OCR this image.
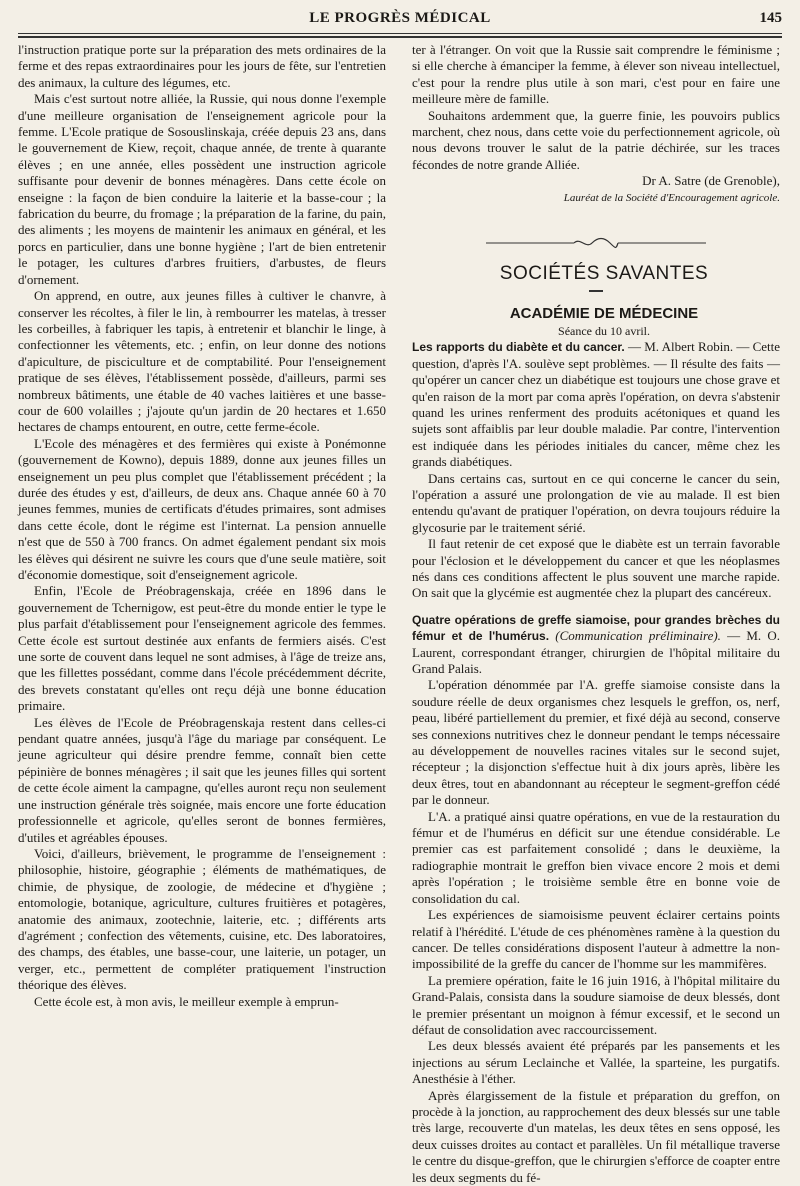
LE PROGRÈS MÉDICAL	145

l'instruction pratique porte sur la préparation des mets ordinaires de la ferme et des repas extraordinaires pour les jours de fête, sur l'entretien des animaux, la culture des légumes, etc.

Mais c'est surtout notre alliée, la Russie, qui nous donne l'exemple d'une meilleure organisation de l'enseignement agricole pour la femme. L'Ecole pratique de Sosouslinskaja, créée depuis 23 ans, dans le gouvernement de Kiew, reçoit, chaque année, de trente à quarante élèves ; en une année, elles possèdent une instruction agricole suffisante pour devenir de bonnes ménagères. Dans cette école on enseigne : la façon de bien conduire la laiterie et la basse-cour ; la fabrication du beurre, du fromage ; la préparation de la farine, du pain, des aliments ; les moyens de maintenir les animaux en général, et les porcs en particulier, dans une bonne hygiène ; l'art de bien entretenir le potager, les cultures d'arbres fruitiers, d'arbustes, de fleurs d'ornement.

On apprend, en outre, aux jeunes filles à cultiver le chanvre, à conserver les récoltes, à filer le lin, à rembourrer les matelas, à tresser les corbeilles, à fabriquer les tapis, à entretenir et blanchir le linge, à confectionner les vêtements, etc. ; enfin, on leur donne des notions d'apiculture, de pisciculture et de comptabilité. Pour l'enseignement pratique de ses élèves, l'établissement possède, d'ailleurs, parmi ses nombreux bâtiments, une étable de 40 vaches laitières et une basse-cour de 600 volailles ; j'ajoute qu'un jardin de 20 hectares et 1.650 hectares de champs entourent, en outre, cette ferme-école.

L'Ecole des ménagères et des fermières qui existe à Ponémonne (gouvernement de Kowno), depuis 1889, donne aux jeunes filles un enseignement un peu plus complet que l'établissement précédent ; la durée des études y est, d'ailleurs, de deux ans. Chaque année 60 à 70 jeunes femmes, munies de certificats d'études primaires, sont admises dans cette école, dont le régime est l'internat. La pension annuelle n'est que de 550 à 700 francs. On admet également pendant six mois les élèves qui désirent ne suivre les cours que d'une seule matière, soit d'économie domestique, soit d'enseignement agricole.

Enfin, l'Ecole de Préobragenskaja, créée en 1896 dans le gouvernement de Tchernigow, est peut-être du monde entier le type le plus parfait d'établissement pour l'enseignement agricole des femmes. Cette école est surtout destinée aux enfants de fermiers aisés. C'est une sorte de couvent dans lequel ne sont admises, à l'âge de treize ans, que les fillettes possédant, comme dans l'école précédemment décrite, des brevets constatant qu'elles ont reçu déjà une bonne éducation primaire.

Les élèves de l'Ecole de Préobragenskaja restent dans celles-ci pendant quatre années, jusqu'à l'âge du mariage par conséquent. Le jeune agriculteur qui désire prendre femme, connaît bien cette pépinière de bonnes ménagères ; il sait que les jeunes filles qui sortent de cette école aiment la campagne, qu'elles auront reçu non seulement une instruction générale très soignée, mais encore une forte éducation professionnelle et agricole, qu'elles seront de bonnes fermières, d'utiles et agréables épouses.

Voici, d'ailleurs, brièvement, le programme de l'enseignement : philosophie, histoire, géographie ; éléments de mathématiques, de chimie, de physique, de zoologie, de médecine et d'hygiène ; entomologie, botanique, agriculture, cultures fruitières et potagères, anatomie des animaux, zootechnie, laiterie, etc. ; différents arts d'agrément ; confection des vêtements, cuisine, etc. Des laboratoires, des champs, des étables, une basse-cour, une laiterie, un potager, un verger, etc., permettent de compléter pratiquement l'instruction théorique des élèves.

Cette école est, à mon avis, le meilleur exemple à emprun-

ter à l'étranger. On voit que la Russie sait comprendre le féminisme ; si elle cherche à émanciper la femme, à élever son niveau intellectuel, c'est pour la rendre plus utile à son mari, c'est pour en faire une meilleure mère de famille.

Souhaitons ardemment que, la guerre finie, les pouvoirs publics marchent, chez nous, dans cette voie du perfectionnement agricole, où nous devons trouver le salut de la patrie déchirée, sur les traces fécondes de notre grande Alliée.

Dr A. Satre (de Grenoble),

Lauréat de la Société d'Encouragement agricole.

SOCIÉTÉS SAVANTES

ACADÉMIE DE MÉDECINE

Séance du 10 avril.

Les rapports du diabète et du cancer. — M. Albert Robin. — Cette question, d'après l'A. soulève sept problèmes. — Il résulte des faits — qu'opérer un cancer chez un diabétique est toujours une chose grave et qu'en raison de la mort par coma après l'opération, on devra s'abstenir quand les urines renferment des produits acétoniques et quand les sujets sont affaiblis par leur double maladie. Par contre, l'intervention est indiquée dans les périodes initiales du cancer, même chez les grands diabétiques.

Dans certains cas, surtout en ce qui concerne le cancer du sein, l'opération a assuré une prolongation de vie au malade. Il est bien entendu qu'avant de pratiquer l'opération, on devra toujours réduire la glycosurie par le traitement sérié.

Il faut retenir de cet exposé que le diabète est un terrain favorable pour l'éclosion et le développement du cancer et que les néoplasmes nés dans ces conditions affectent le plus souvent une marche rapide. On sait que la glycémie est augmentée chez la plupart des cancéreux.

Quatre opérations de greffe siamoise, pour grandes brèches du fémur et de l'humérus. (Communication préliminaire). — M. O. Laurent, correspondant étranger, chirurgien de l'hôpital militaire du Grand Palais.

L'opération dénommée par l'A. greffe siamoise consiste dans la soudure réelle de deux organismes chez lesquels le greffon, os, nerf, peau, libéré partiellement du premier, et fixé déjà au second, conserve ses connexions nutritives chez le donneur pendant le temps nécessaire au développement de nouvelles racines vitales sur le second sujet, récepteur ; la disjonction s'effectue huit à dix jours après, libère les deux êtres, tout en abandonnant au récepteur le segment-greffon cédé par le donneur.

L'A. a pratiqué ainsi quatre opérations, en vue de la restauration du fémur et de l'humérus en déficit sur une étendue considérable. Le premier cas est parfaitement consolidé ; dans le deuxième, la radiographie montrait le greffon bien vivace encore 2 mois et demi après l'opération ; le troisième semble être en bonne voie de consolidation du cal.

Les expériences de siamoisisme peuvent éclairer certains points relatif à l'hérédité. L'étude de ces phénomènes ramène à la question du cancer. De telles considérations disposent l'auteur à admettre la non-impossibilité de la greffe du cancer de l'homme sur les mammifères.

La premiere opération, faite le 16 juin 1916, à l'hôpital militaire du Grand-Palais, consista dans la soudure siamoise de deux blessés, dont le premier présentant un moignon à fémur excessif, et le second un défaut de consolidation avec raccourcissement.

Les deux blessés avaient été préparés par les pansements et les injections au sérum Leclainche et Vallée, la sparteine, les purgatifs. Anesthésie à l'éther.

Après élargissement de la fistule et préparation du greffon, on procède à la jonction, au rapprochement des deux blessés sur une table très large, recouverte d'un matelas, les deux têtes en sens opposé, les deux cuisses droites au contact et parallèles. Un fil métallique traverse le centre du disque-greffon, que le chirurgien s'efforce de coapter entre les deux segments du fé-
